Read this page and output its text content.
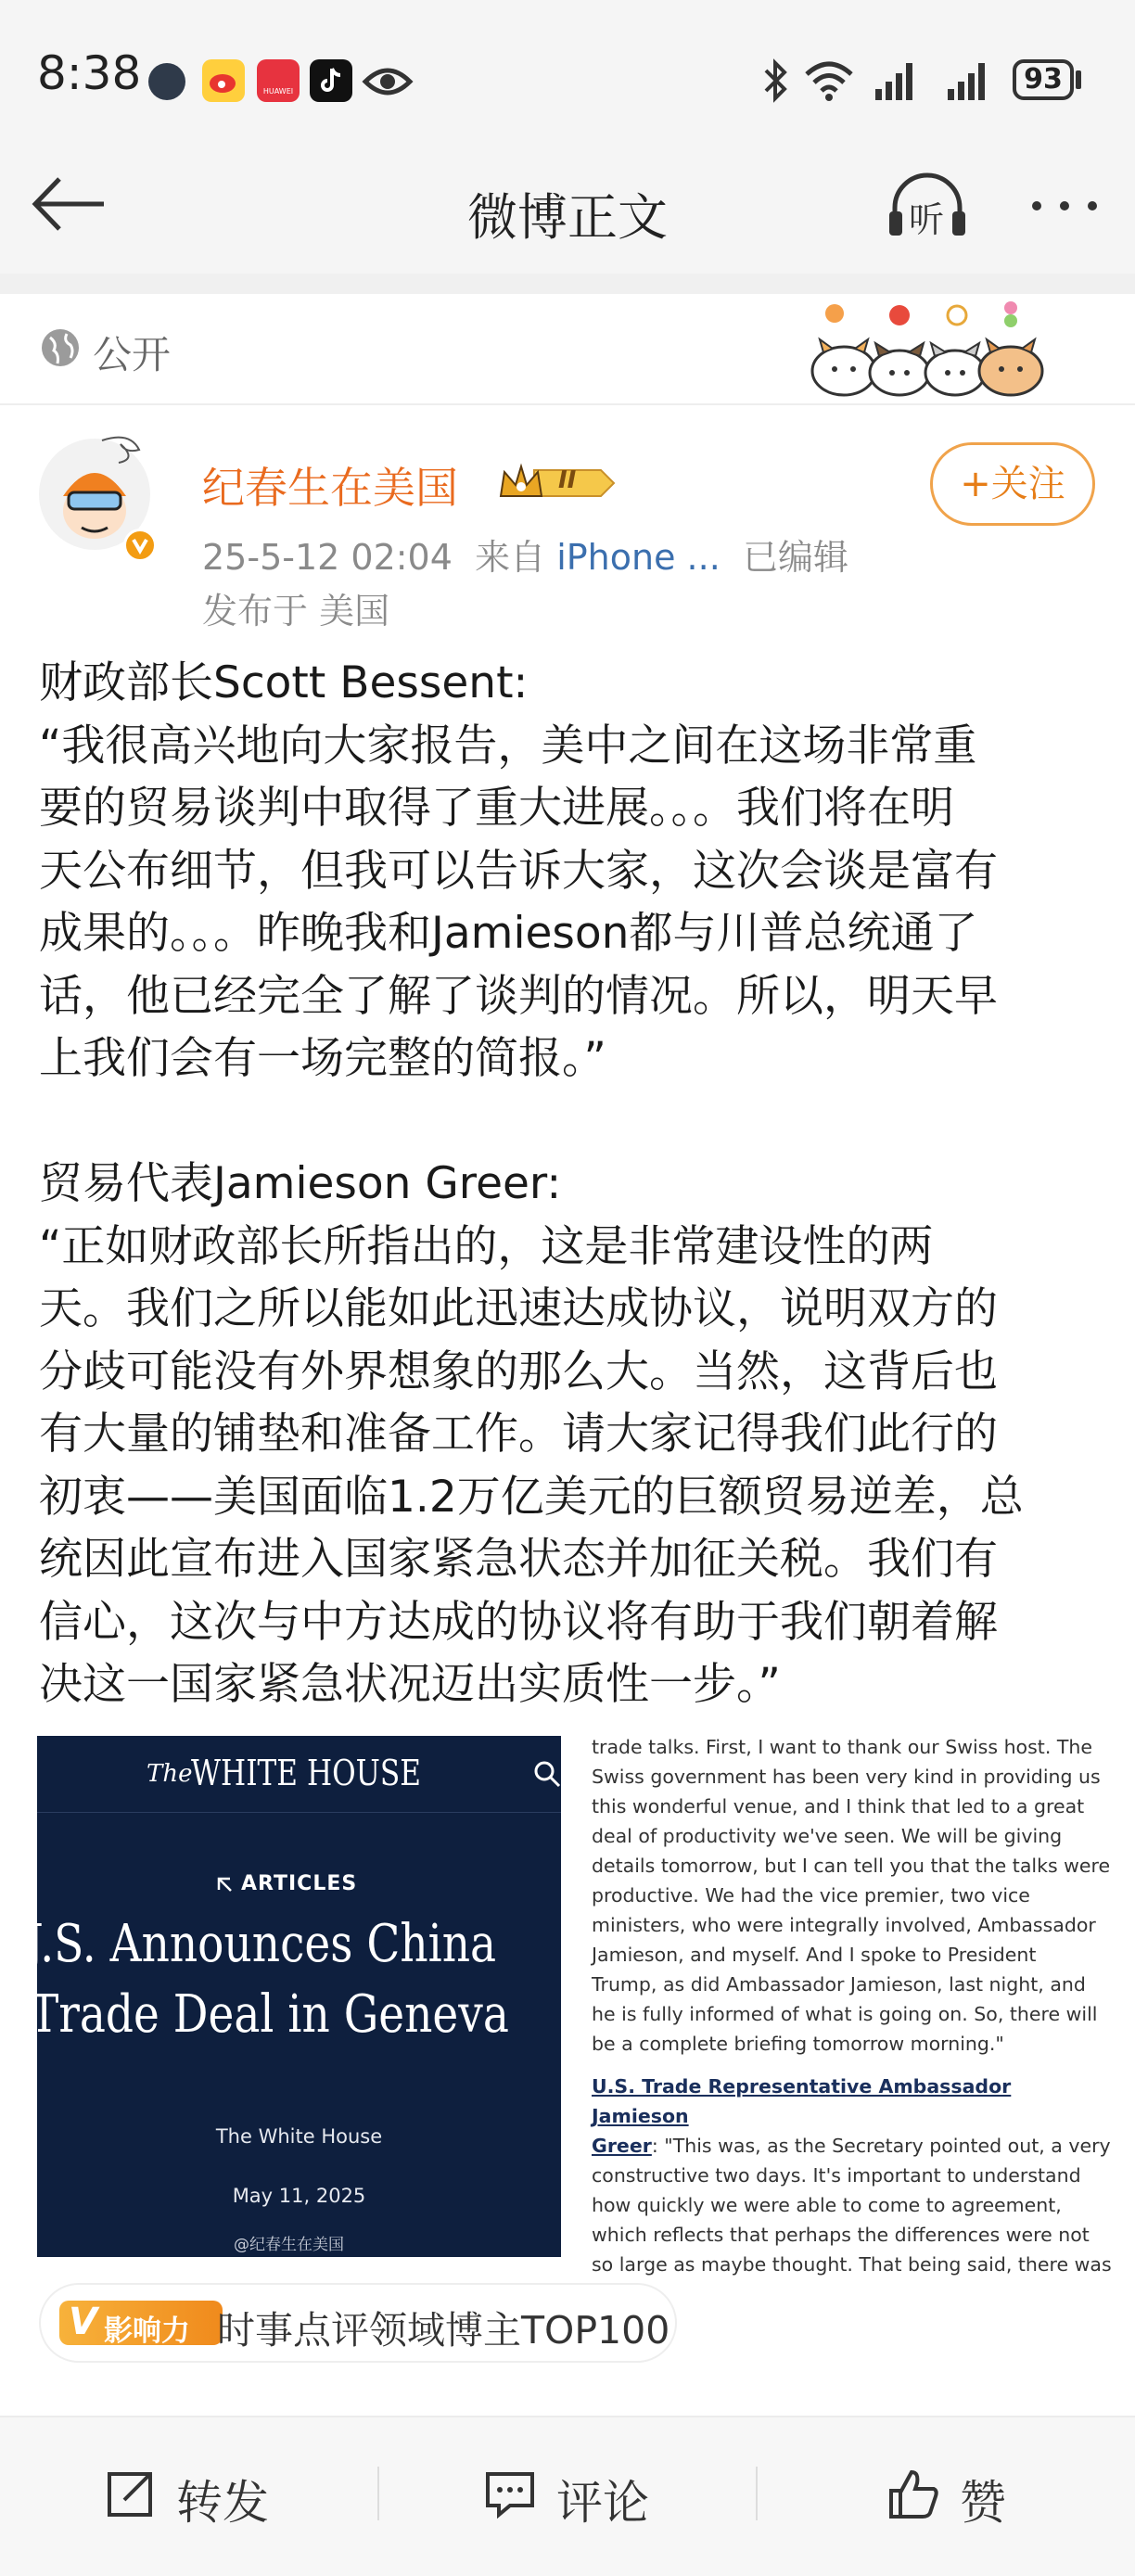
8:38	HUAWEI	93
微博正文	听
公开
纪春生在美国	II
25-5-12 02:04 来自 iPhone ... 已编辑
发布于 美国
+关注
财政部长Scott Bessent:
“我很高兴地向大家报告，美中之间在这场非常重
要的贸易谈判中取得了重大进展。。。我们将在明
天公布细节，但我可以告诉大家，这次会谈是富有
成果的。。。昨晚我和Jamieson都与川普总统通了
话，他已经完全了解了谈判的情况。所以，明天早
上我们会有一场完整的简报。”
贸易代表Jamieson Greer:
“正如财政部长所指出的，这是非常建设性的两
天。我们之所以能如此迅速达成协议，说明双方的
分歧可能没有外界想象的那么大。当然，这背后也
有大量的铺垫和准备工作。请大家记得我们此行的
初衷——美国面临1.2万亿美元的巨额贸易逆差，总
统因此宣布进入国家紧急状态并加征关税。我们有
信心，这次与中方达成的协议将有助于我们朝着解
决这一国家紧急状况迈出实质性一步。”
The
WHITE HOUSE
ARTICLES
J.S. Announces China
Trade Deal in Geneva
The White House
May 11, 2025
@纪春生在美国
trade talks. First, I want to thank our Swiss host. The
Swiss government has been very kind in providing us
this wonderful venue, and I think that led to a great
deal of productivity we've seen. We will be giving
details tomorrow, but I can tell you that the talks were
productive. We had the vice premier, two vice
ministers, who were integrally involved, Ambassador
Jamieson, and myself. And I spoke to President
Trump, as did Ambassador Jamieson, last night, and
he is fully informed of what is going on. So, there will
be a complete briefing tomorrow morning."
U.S. Trade Representative Ambassador Jamieson
Greer: "This was, as the Secretary pointed out, a very
constructive two days. It's important to understand
how quickly we were able to come to agreement,
which reflects that perhaps the differences were not
so large as maybe thought. That being said, there was
V 影响力 时事点评领域博主TOP100
转发	评论	赞
